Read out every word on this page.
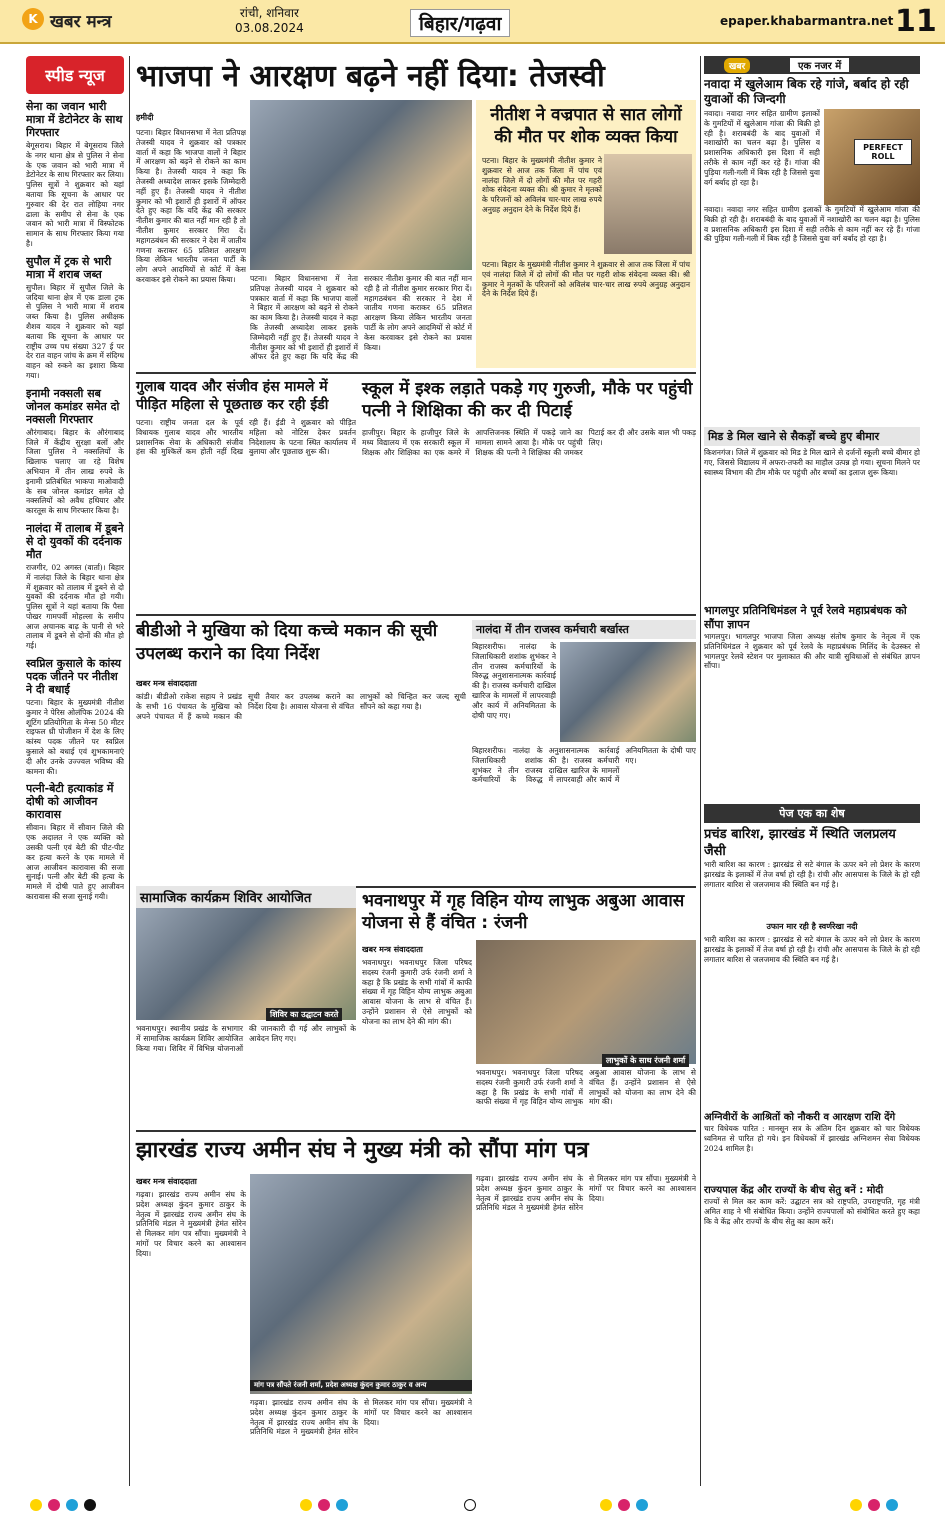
K खबर मन्त्र	रांची, शनिवार
03.08.2024	बिहार/गढ़वा	epaper.khabarmantra.net 11
स्पीड न्यूज
सेना का जवान भारी मात्रा में डेटोनेटर के साथ गिरफ्तार
बेगूसराय। बिहार में बेगूसराय जिले के नगर थाना क्षेत्र से पुलिस ने सेना के एक जवान को भारी मात्रा में डेटोनेटर के साथ गिरफ्तार कर लिया। पुलिस सूत्रों ने शुक्रवार को यहां बताया कि सूचना के आधार पर गुरुवार की देर रात लोहिया नगर ढाला के समीप से सेना के एक जवान को भारी मात्रा में विस्फोटक सामान के साथ गिरफ्तार किया गया है।
सुपौल में ट्रक से भारी मात्रा में शराब जब्त
सुपौल। बिहार में सुपौल जिले के जदिया थाना क्षेत्र में एक डाला ट्रक से पुलिस ने भारी मात्रा में शराब जब्त किया है। पुलिस अधीक्षक शैशव यादव ने शुक्रवार को यहां बताया कि सूचना के आधार पर राष्ट्रीय उच्च पथ संख्या 327 ई पर देर रात वाहन जांच के क्रम में संदिग्ध वाहन को रुकने का इशारा किया गया।
इनामी नक्सली सब जोनल कमांडर समेत दो नक्सली गिरफ्तार
औरंगाबाद। बिहार के औरंगाबाद जिले में केंद्रीय सुरक्षा बलों और जिला पुलिस ने नक्सलियों के खिलाफ चलाए जा रहे विशेष अभियान में तीन लाख रुपये के इनामी प्रतिबंधित भाकपा माओवादी के सब जोनल कमांडर समेत दो नक्सलियों को अवैध हथियार और कारतूस के साथ गिरफ्तार किया है।
नालंदा में तालाब में डूबने से दो युवकों की दर्दनाक मौत
राजगीर, 02 अगस्त (वार्ता)। बिहार में नालंदा जिले के बिहार थाना क्षेत्र में शुक्रवार को तालाब में डूबने से दो युवकों की दर्दनाक मौत हो गयी। पुलिस सूत्रों ने यहां बताया कि पैसा पोखर गामपर्वी मोहल्ला के समीप आज अचानक बाढ़ के पानी से भरे तालाब में डूबने से दोनों की मौत हो गई।
स्वप्निल कुसाले के कांस्य पदक जीतने पर नीतीश ने दी बधाई
पटना। बिहार के मुख्यमंत्री नीतीश कुमार ने पेरिस ओलंपिक 2024 की शूटिंग प्रतियोगिता के मेन्स 50 मीटर राइफल थ्री पोजीशन में देश के लिए कांस्य पदक जीतने पर स्वप्निल कुसाले को बधाई एवं शुभकामनाएं दी और उनके उज्ज्वल भविष्य की कामना की।
पत्नी-बेटी हत्याकांड में दोषी को आजीवन कारावास
सीवान। बिहार में सीवान जिले की एक अदालत ने एक व्यक्ति को उसकी पत्नी एवं बेटी की पीट-पीट कर हत्या करने के एक मामले में आज आजीवन कारावास की सजा सुनाई। पत्नी और बेटी की हत्या के मामले में दोषी पाते हुए आजीवन कारावास की सजा सुनाई गयी।
भाजपा ने आरक्षण बढ़ने नहीं दिया: तेजस्वी
हमीदी
पटना। बिहार विधानसभा में नेता प्रतिपक्ष तेजस्वी यादव ने शुक्रवार को पत्रकार वार्ता में कहा कि भाजपा वालों ने बिहार में आरक्षण को बढ़ने से रोकने का काम किया है। तेजस्वी यादव ने कहा कि तेजस्वी अध्यादेश लाकर इसके जिम्मेदारी नहीं हुए हैं। तेजस्वी यादव ने नीतीश कुमार को भी इशारों ही इशारों में ऑफर देते हुए कहा कि यदि केंद्र की सरकार नीतीश कुमार की बात नहीं मान रही है तो नीतीश कुमार सरकार गिरा दें। महागठबंधन की सरकार ने देश में जातीय गणना कराकर 65 प्रतिशत आरक्षण किया लेकिन भारतीय जनता पार्टी के लोग अपने आदमियों से कोर्ट में केस करवाकर इसे रोकने का प्रयास किया।	पटना। बिहार विधानसभा में नेता प्रतिपक्ष तेजस्वी यादव ने शुक्रवार को पत्रकार वार्ता में कहा कि भाजपा वालों ने बिहार में आरक्षण को बढ़ने से रोकने का काम किया है। तेजस्वी यादव ने कहा कि तेजस्वी अध्यादेश लाकर इसके जिम्मेदारी नहीं हुए हैं। तेजस्वी यादव ने नीतीश कुमार को भी इशारों ही इशारों में ऑफर देते हुए कहा कि यदि केंद्र की सरकार नीतीश कुमार की बात नहीं मान रही है तो नीतीश कुमार सरकार गिरा दें। महागठबंधन की सरकार ने देश में जातीय गणना कराकर 65 प्रतिशत आरक्षण किया लेकिन भारतीय जनता पार्टी के लोग अपने आदमियों से कोर्ट में केस करवाकर इसे रोकने का प्रयास किया।
नीतीश ने वज्रपात से सात लोगों की मौत पर शोक व्यक्त किया
पटना। बिहार के मुख्यमंत्री नीतीश कुमार ने शुक्रवार से आज तक जिला में पांच एवं नालंदा जिले में दो लोगों की मौत पर गहरी शोक संवेदना व्यक्त की। श्री कुमार ने मृतकों के परिजनों को अविलंब चार-चार लाख रुपये अनुग्रह अनुदान देने के निर्देश दिये हैं।
पटना। बिहार के मुख्यमंत्री नीतीश कुमार ने शुक्रवार से आज तक जिला में पांच एवं नालंदा जिले में दो लोगों की मौत पर गहरी शोक संवेदना व्यक्त की। श्री कुमार ने मृतकों के परिजनों को अविलंब चार-चार लाख रुपये अनुग्रह अनुदान देने के निर्देश दिये हैं।
गुलाब यादव और संजीव हंस मामले में पीड़ित महिला से पूछताछ कर रही ईडी
पटना। राष्ट्रीय जनता दल के पूर्व विधायक गुलाब यादव और भारतीय प्रशासनिक सेवा के अधिकारी संजीव हंस की मुश्किलें कम होती नहीं दिख रही हैं। ईडी ने शुक्रवार को पीड़ित महिला को नोटिस देकर प्रवर्तन निदेशालय के पटना स्थित कार्यालय में बुलाया और पूछताछ शुरू की।
स्कूल में इश्क लड़ाते पकड़े गए गुरुजी, मौके पर पहुंची पत्नी ने शिक्षिका की कर दी पिटाई
हाजीपुर। बिहार के हाजीपुर जिले के मध्य विद्यालय में एक सरकारी स्कूल में शिक्षक और शिक्षिका का एक कमरे में आपत्तिजनक स्थिति में पकड़े जाने का मामला सामने आया है। मौके पर पहुंची शिक्षक की पत्नी ने शिक्षिका की जमकर पिटाई कर दी और उसके बाल भी पकड़ लिए।
बीडीओ ने मुखिया को दिया कच्चे मकान की सूची उपलब्ध कराने का दिया निर्देश
खबर मन्त्र संवाददाता
कांडी। बीडीओ राकेश सहाय ने प्रखंड के सभी 16 पंचायत के मुखिया को अपने पंचायत में हैं कच्चे मकान की सूची तैयार कर उपलब्ध कराने का निर्देश दिया है। आवास योजना से वंचित लाभुकों को चिन्हित कर जल्द सूची सौंपने को कहा गया है।
नालंदा में तीन राजस्व कर्मचारी बर्खास्त
बिहारशरीफ। नालंदा के जिलाधिकारी शशांक शुभंकर ने तीन राजस्व कर्मचारियों के विरुद्ध अनुशासनात्मक कार्रवाई की है। राजस्व कर्मचारी दाखिल खारिज के मामलों में लापरवाही और कार्य में अनियमितता के दोषी पाए गए।
बिहारशरीफ। नालंदा के जिलाधिकारी शशांक शुभंकर ने तीन राजस्व कर्मचारियों के विरुद्ध अनुशासनात्मक कार्रवाई की है। राजस्व कर्मचारी दाखिल खारिज के मामलों में लापरवाही और कार्य में अनियमितता के दोषी पाए गए।
सामाजिक कार्यक्रम शिविर आयोजित
शिविर का उद्घाटन करते
भवनाथपुर। स्थानीय प्रखंड के सभागार में सामाजिक कार्यक्रम शिविर आयोजित किया गया। शिविर में विभिन्न योजनाओं की जानकारी दी गई और लाभुकों के आवेदन लिए गए।
भवनाथपुर में गृह विहिन योग्य लाभुक अबुआ आवास योजना से हैं वंचित : रंजनी
खबर मन्त्र संवाददाता
भवनाथपुर। भवनाथपुर जिला परिषद सदस्य रंजनी कुमारी उर्फ रंजनी शर्मा ने कहा है कि प्रखंड के सभी गांवों में काफी संख्या में गृह विहिन योग्य लाभुक अबुआ आवास योजना के लाभ से वंचित हैं। उन्होंने प्रशासन से ऐसे लाभुकों को योजना का लाभ देने की मांग की।
लाभुकों के साथ रंजनी शर्मा
भवनाथपुर। भवनाथपुर जिला परिषद सदस्य रंजनी कुमारी उर्फ रंजनी शर्मा ने कहा है कि प्रखंड के सभी गांवों में काफी संख्या में गृह विहिन योग्य लाभुक अबुआ आवास योजना के लाभ से वंचित हैं। उन्होंने प्रशासन से ऐसे लाभुकों को योजना का लाभ देने की मांग की।
झारखंड राज्य अमीन संघ ने मुख्य मंत्री को सौंपा मांग पत्र
खबर मन्त्र संवाददाता
गढ़वा। झारखंड राज्य अमीन संघ के प्रदेश अध्यक्ष कुंदन कुमार ठाकुर के नेतृत्व में झारखंड राज्य अमीन संघ के प्रतिनिधि मंडल ने मुख्यमंत्री हेमंत सोरेन से मिलकर मांग पत्र सौंपा। मुख्यमंत्री ने मांगों पर विचार करने का आश्वासन दिया।
मांग पत्र सौंपते रंजनी शर्मा, प्रदेश अध्यक्ष कुंदन कुमार ठाकुर व अन्य
गढ़वा। झारखंड राज्य अमीन संघ के प्रदेश अध्यक्ष कुंदन कुमार ठाकुर के नेतृत्व में झारखंड राज्य अमीन संघ के प्रतिनिधि मंडल ने मुख्यमंत्री हेमंत सोरेन से मिलकर मांग पत्र सौंपा। मुख्यमंत्री ने मांगों पर विचार करने का आश्वासन दिया।
गढ़वा। झारखंड राज्य अमीन संघ के प्रदेश अध्यक्ष कुंदन कुमार ठाकुर के नेतृत्व में झारखंड राज्य अमीन संघ के प्रतिनिधि मंडल ने मुख्यमंत्री हेमंत सोरेन से मिलकर मांग पत्र सौंपा। मुख्यमंत्री ने मांगों पर विचार करने का आश्वासन दिया।
खबर	एक नजर में
नवादा में खुलेआम बिक रहे गांजे, बर्बाद हो रही युवाओं की जिन्दगी
नवादा। नवादा नगर सहित ग्रामीण इलाकों के गुमटियों में खुलेआम गांजा की बिक्री हो रही है। शराबबंदी के बाद युवाओं में नशाखोरी का चलन बढ़ा है। पुलिस व प्रशासनिक अधिकारी इस दिशा में सही तरीके से काम नहीं कर रहे हैं। गांजा की पुड़िया गली-गली में बिक रही है जिससे युवा वर्ग बर्बाद हो रहा है।
PERFECT ROLL
नवादा। नवादा नगर सहित ग्रामीण इलाकों के गुमटियों में खुलेआम गांजा की बिक्री हो रही है। शराबबंदी के बाद युवाओं में नशाखोरी का चलन बढ़ा है। पुलिस व प्रशासनिक अधिकारी इस दिशा में सही तरीके से काम नहीं कर रहे हैं। गांजा की पुड़िया गली-गली में बिक रही है जिससे युवा वर्ग बर्बाद हो रहा है।
मिड डे मिल खाने से सैकड़ों बच्चे हुए बीमार
किशनगंज। जिले में शुक्रवार को मिड डे मिल खाने से दर्जनों स्कूली बच्चे बीमार हो गए, जिससे विद्यालय में अफरा-तफरी का माहौल उत्पन्न हो गया। सूचना मिलने पर स्वास्थ्य विभाग की टीम मौके पर पहुंची और बच्चों का इलाज शुरू किया।
भागलपुर प्रतिनिधिमंडल ने पूर्व रेलवे महाप्रबंधक को सौंपा ज्ञापन
भागलपुर। भागलपुर भाजपा जिला अध्यक्ष संतोष कुमार के नेतृत्व में एक प्रतिनिधिमंडल ने शुक्रवार को पूर्व रेलवे के महाप्रबंधक मिलिंद के देउस्कर से भागलपुर रेलवे स्टेशन पर मुलाकात की और यात्री सुविधाओं से संबंधित ज्ञापन सौंपा।
पेज एक का शेष
प्रचंड बारिश, झारखंड में स्थिति जलप्रलय जैसी
भारी बारिश का कारण : झारखंड से सटे बंगाल के ऊपर बने लो प्रेशर के कारण झारखंड के इलाकों में तेज वर्षा हो रही है। रांची और आसपास के जिले के हो रही लगातार बारिश से जलजमाव की स्थिति बन गई है।
उफान मार रही है स्वर्णरेखा नदी
भारी बारिश का कारण : झारखंड से सटे बंगाल के ऊपर बने लो प्रेशर के कारण झारखंड के इलाकों में तेज वर्षा हो रही है। रांची और आसपास के जिले के हो रही लगातार बारिश से जलजमाव की स्थिति बन गई है।
अग्निवीरों के आश्रितों को नौकरी व आरक्षण राशि देंगे
चार विधेयक पारित : मानसून सत्र के अंतिम दिन शुक्रवार को चार विधेयक ध्वनिमत से पारित हो गये। इन विधेयकों में झारखंड अग्निशमन सेवा विधेयक 2024 शामिल है।
राज्यपाल केंद्र और राज्यों के बीच सेतु बनें : मोदी
राज्यों से मिल कर काम करें: उद्घाटन सत्र को राष्ट्रपति, उपराष्ट्रपति, गृह मंत्री अमित शाह ने भी संबोधित किया। उन्होंने राज्यपालों को संबोधित करते हुए कहा कि वे केंद्र और राज्यों के बीच सेतु का काम करें।
